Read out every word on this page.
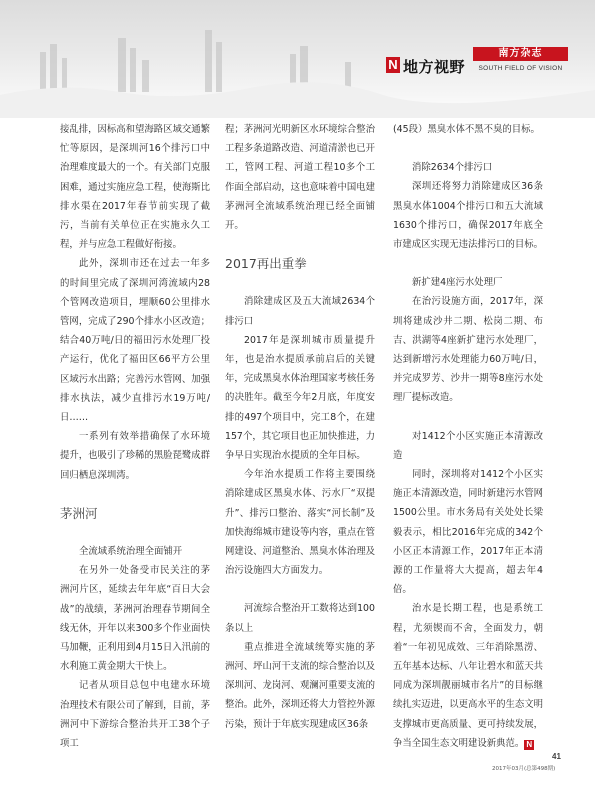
N 地方视野
南方杂志
SOUTH FIELD OF VISION

接乱排，因标高和望海路区域交通繁忙等原因，是深圳河16个排污口中治理难度最大的一个。有关部门克服困难，通过实施应急工程，使海斯比排水渠在2017年春节前实现了截污，当前有关单位正在实施永久工程，并与应急工程做好衔接。

此外，深圳市还在过去一年多的时间里完成了深圳河湾流域内28个管网改造项目，埋顺60公里排水管网，完成了290个排水小区改造；结合40万吨/日的福田污水处理厂投产运行，优化了福田区66平方公里区域污水出路；完善污水管网、加强排水执法，减少直排污水19万吨/日……

一系列有效举措确保了水环境提升，也吸引了珍稀的黑脸琵鹭成群回归栖息深圳湾。

茅洲河

全流域系统治理全面铺开

在另外一处备受市民关注的茅洲河片区，延续去年年底“百日大会战”的战绩，茅洲河治理春节期间全线无休，开年以来300多个作业面快马加鞭，正利用到4月15日入汛前的水利施工黄金期大干快上。

记者从项目总包中电建水环境治理技术有限公司了解到，目前，茅洲河中下游综合整治共开工38个子项工

程；茅洲河光明新区水环境综合整治工程多条道路改造、河道清淤也已开工，管网工程、河道工程10多个工作面全部启动，这也意味着中国电建茅洲河全流域系统治理已经全面铺开。

2017再出重拳

消除建成区及五大流域2634个排污口

2017年是深圳城市质量提升年，也是治水提质承前启后的关键年，完成黑臭水体治理国家考核任务的决胜年。截至今年2月底，年度安排的497个项目中，完工8个，在建157个，其它项目也正加快推进，力争早日实现治水提质的全年目标。

今年治水提质工作将主要围绕消除建成区黑臭水体、污水厂“双提升”、排污口整治、落实“河长制”及加快海绵城市建设等内容，重点在管网建设、河道整治、黑臭水体治理及治污设施四大方面发力。

河流综合整治开工数将达到100条以上

重点推进全流域统筹实施的茅洲河、坪山河干支流的综合整治以及深圳河、龙岗河、观澜河重要支流的整治。此外，深圳还将大力管控外源污染，预计于年底实现建成区36条

(45段）黑臭水体不黑不臭的目标。

消除2634个排污口

深圳还将努力消除建成区36条黑臭水体1004个排污口和五大流域1630个排污口，确保2017年底全市建成区实现无违法排污口的目标。

新扩建4座污水处理厂

在治污设施方面，2017年，深圳将建成沙井二期、松岗二期、布吉、洪湖等4座新扩建污水处理厂，达到新增污水处理能力60万吨/日，并完成罗芳、沙井一期等8座污水处理厂提标改造。

对1412个小区实施正本清源改造

同时，深圳将对1412个小区实施正本清源改造，同时新建污水管网1500公里。市水务局有关处处长梁毅表示，相比2016年完成的342个小区正本清源工作，2017年正本清源的工作量将大大提高，超去年4倍。

治水是长期工程，也是系统工程，尤须锲而不舍，全面发力，朝着“一年初见成效、三年消除黑涝、五年基本达标、八年让碧水和蓝天共同成为深圳靓丽城市名片”的目标继续扎实迈进，以更高水平的生态文明支撑城市更高质量、更可持续发展，争当全国生态文明建设新典范。 N

41
2017年03月(总第498期)
